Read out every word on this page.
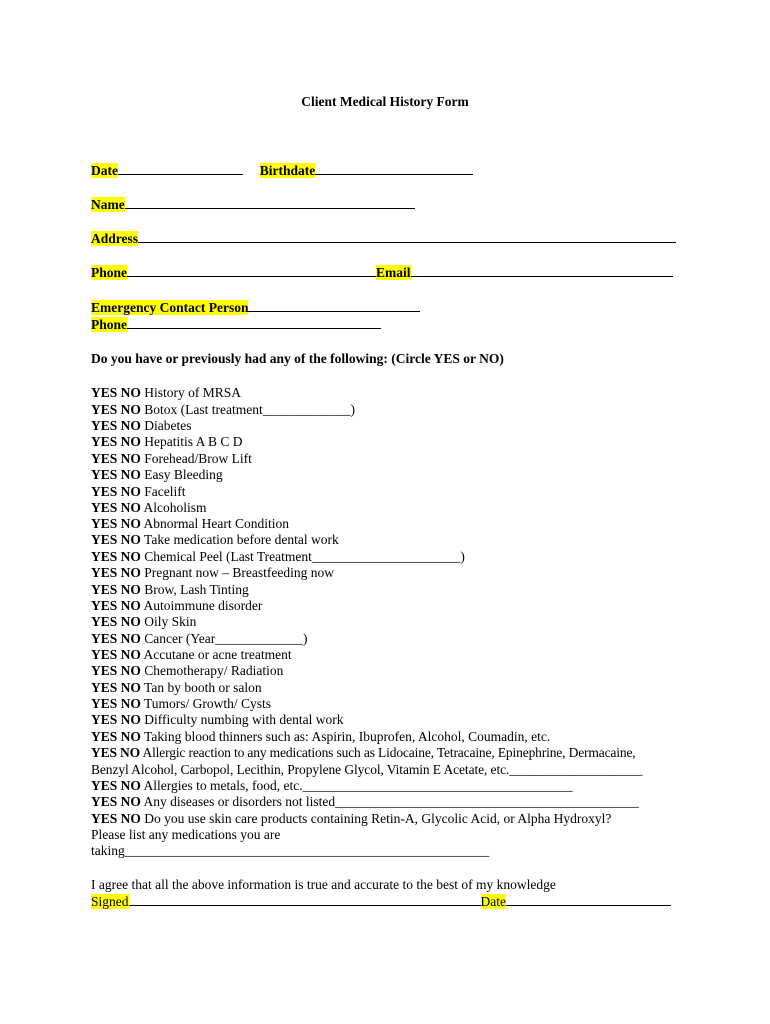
Client Medical History Form
Date	Birthdate
Name
Address
Phone	Email
Emergency Contact Person
Phone
Do you have or previously had any of the following: (Circle YES or NO)
YES NO History of MRSA
YES NO Botox (Last treatment_____________)
YES NO Diabetes
YES NO Hepatitis A B C D
YES NO Forehead/Brow Lift
YES NO Easy Bleeding
YES NO Facelift
YES NO Alcoholism
YES NO Abnormal Heart Condition
YES NO Take medication before dental work
YES NO Chemical Peel (Last Treatment______________________)
YES NO Pregnant now – Breastfeeding now
YES NO Brow, Lash Tinting
YES NO Autoimmune disorder
YES NO Oily Skin
YES NO Cancer (Year_____________)
YES NO Accutane or acne treatment
YES NO Chemotherapy/ Radiation
YES NO Tan by booth or salon
YES NO Tumors/ Growth/ Cysts
YES NO Difficulty numbing with dental work
YES NO Taking blood thinners such as: Aspirin, Ibuprofen, Alcohol, Coumadin, etc.
YES NO Allergic reaction to any medications such as Lidocaine, Tetracaine, Epinephrine, Dermacaine,
Benzyl Alcohol, Carbopol, Lecithin, Propylene Glycol, Vitamin E Acetate, etc.____________________
YES NO Allergies to metals, food, etc.________________________________________
YES NO Any diseases or disorders not listed_____________________________________________
YES NO Do you use skin care products containing Retin-A, Glycolic Acid, or Alpha Hydroxyl?
Please list any medications you are
taking______________________________________________________
I agree that all the above information is true and accurate to the best of my knowledge
Signed	Date
